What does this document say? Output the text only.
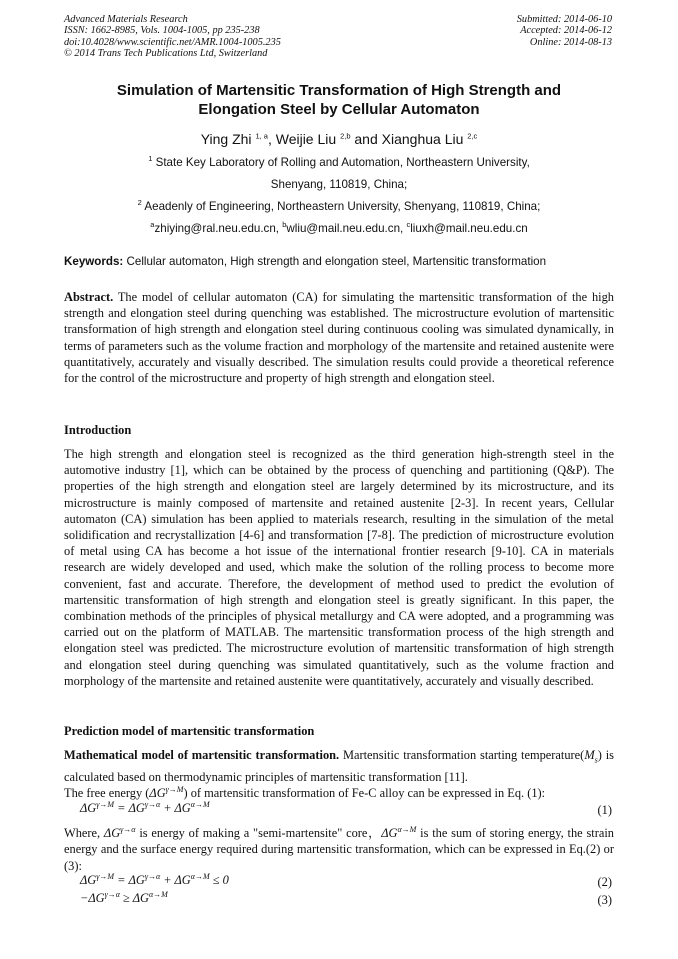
Advanced Materials Research
ISSN: 1662-8985, Vols. 1004-1005, pp 235-238
doi:10.4028/www.scientific.net/AMR.1004-1005.235
© 2014 Trans Tech Publications Ltd, Switzerland
Submitted: 2014-06-10
Accepted: 2014-06-12
Online: 2014-08-13
Simulation of Martensitic Transformation of High Strength and
Elongation Steel by Cellular Automaton
Ying Zhi $^{1, a}$, Weijie Liu $^{2,b}$ and Xianghua Liu $^{2,c}$
$^1$ State Key Laboratory of Rolling and Automation, Northeastern University,
Shenyang, 110819, China;
$^2$ Aeadenly of Engineering, Northeastern University, Shenyang, 110819, China;
$^a$zhiying@ral.neu.edu.cn, $^b$wliu@mail.neu.edu.cn, $^c$liuxh@mail.neu.edu.cn
Keywords: Cellular automaton, High strength and elongation steel, Martensitic transformation
Abstract. The model of cellular automaton (CA) for simulating the martensitic transformation of the high strength and elongation steel during quenching was established. The microstructure evolution of martensitic transformation of high strength and elongation steel during continuous cooling was simulated dynamically, in terms of parameters such as the volume fraction and morphology of the martensite and retained austenite were quantitatively, accurately and visually described. The simulation results could provide a theoretical reference for the control of the microstructure and property of high strength and elongation steel.
Introduction
The high strength and elongation steel is recognized as the third generation high-strength steel in the automotive industry [1], which can be obtained by the process of quenching and partitioning (Q&P). The properties of the high strength and elongation steel are largely determined by its microstructure, and its microstructure is mainly composed of martensite and retained austenite [2-3]. In recent years, Cellular automaton (CA) simulation has been applied to materials research, resulting in the simulation of the metal solidification and recrystallization [4-6] and transformation [7-8]. The prediction of microstructure evolution of metal using CA has become a hot issue of the international frontier research [9-10]. CA in materials research are widely developed and used, which make the solution of the rolling process to become more convenient, fast and accurate. Therefore, the development of method used to predict the evolution of martensitic transformation of high strength and elongation steel is greatly significant. In this paper, the combination methods of the principles of physical metallurgy and CA were adopted, and a programming was carried out on the platform of MATLAB. The martensitic transformation process of the high strength and elongation steel was predicted. The microstructure evolution of martensitic transformation of high strength and elongation steel during quenching was simulated quantitatively, such as the volume fraction and morphology of the martensite and retained austenite were quantitatively, accurately and visually described.
Prediction model of martensitic transformation
Mathematical model of martensitic transformation. Martensitic transformation starting $temperature(M_s)$ is calculated based on thermodynamic principles of martensitic transformation [11].
The free energy $(\Delta G^{\gamma\to M})$ of martensitic transformation of Fe-C alloy can be expressed in Eq. (1):
$\Delta G^{\gamma\to M} = \Delta G^{\gamma\to\alpha} + \Delta G^{\alpha\to M}$	(1)
Where, $\Delta G^{\gamma\to\alpha}$ is energy of making a "semi-martensite" core，$\Delta G^{\alpha\to M}$ is the sum of storing energy, the strain energy and the surface energy required during martensitic transformation, which can be expressed in Eq.(2) or (3):
$\Delta G^{\gamma\to M} = \Delta G^{\gamma\to\alpha} + \Delta G^{\alpha\to M} \le 0$	(2)
$-\Delta G^{\gamma\to\alpha} \ge \Delta G^{\alpha\to M}$	(3)
